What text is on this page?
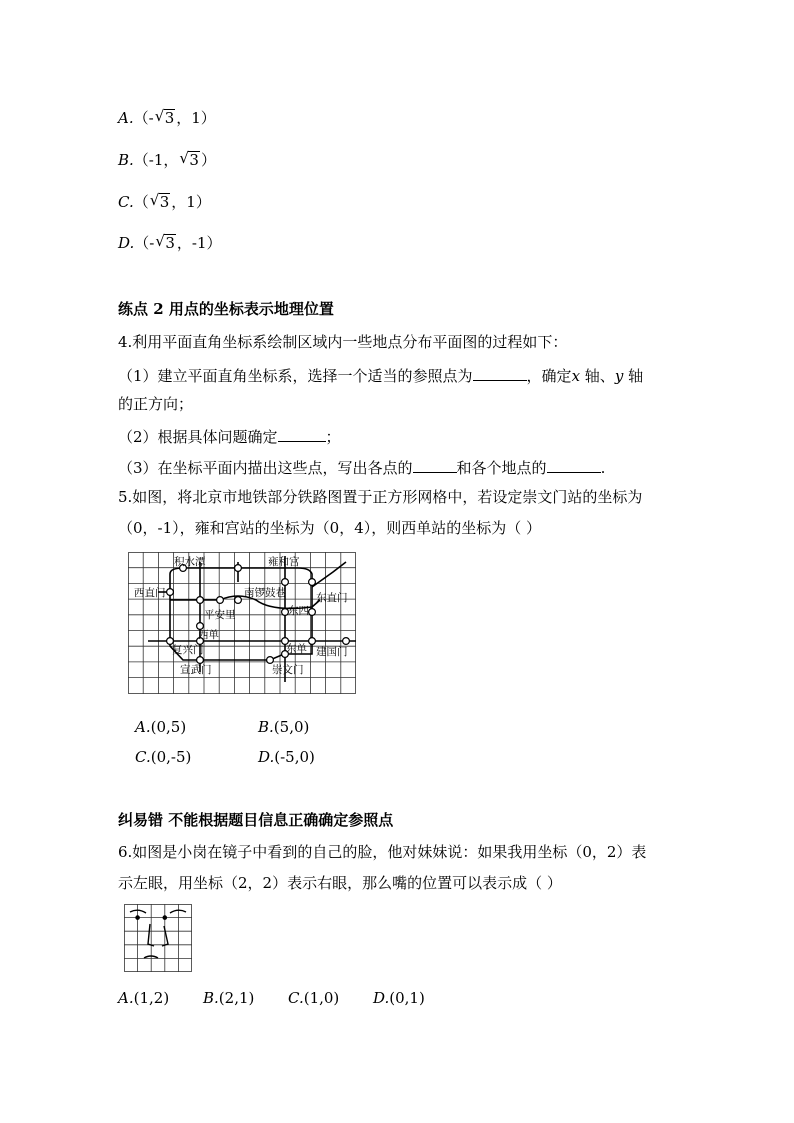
A.（- √ 3 ，1）
B.（-1， √ 3 ）
C.（ √ 3 ，1）
D.（- √ 3 ，-1）
练点 2 用点的坐标表示地理位置
4.利用平面直角坐标系绘制区域内一些地点分布平面图的过程如下：
（1）建立平面直角坐标系，选择一个适当的参照点为	，确定x 轴、y 轴
的正方向；
（2）根据具体问题确定	；
（3）在坐标平面内描出这些点，写出各点的	和各个地点的	.
5.如图，将北京市地铁部分铁路图置于正方形网格中，若设定崇文门站的坐标为
（0，-1），雍和宫站的坐标为（0，4），则西单站的坐标为（ ）
积水潭	雍和宫
西直门	南锣鼓巷	东直门
平安里	东四
西单
复兴门	东单 建国门
宣武门	崇文门
A.(0,5)	B.(5,0)
C.(0,-5)	D.(-5,0)
纠易错 不能根据题目信息正确确定参照点
6.如图是小岗在镜子中看到的自己的脸，他对妹妹说：如果我用坐标（0，2）表
示左眼，用坐标（2，2）表示右眼，那么嘴的位置可以表示成（ ）
A.(1,2) B.(2,1) C.(1,0) D.(0,1)
